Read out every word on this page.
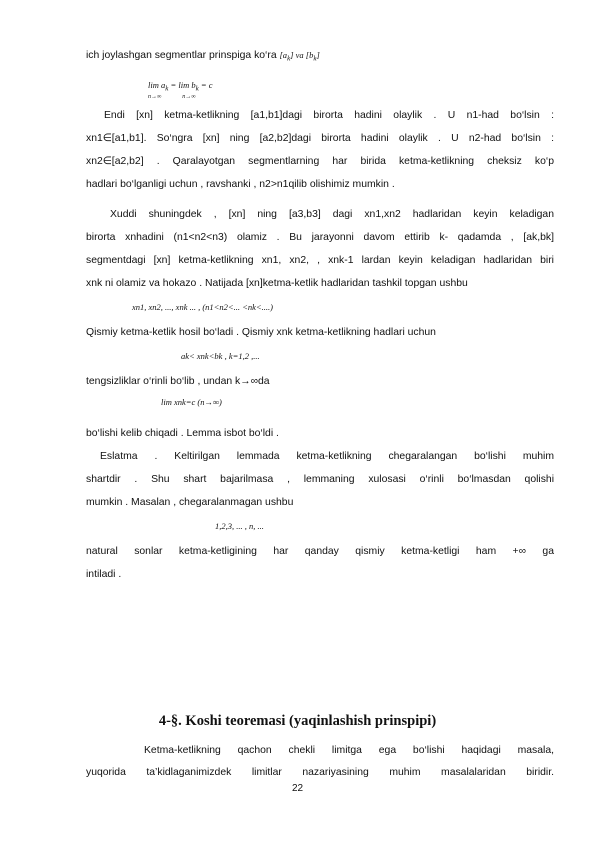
ich joylashgan segmentlar prinspiga ko‘ra $[a_k]$ va $[b_k]$
$\lim a_k = \lim b_k = c$
n→∞              n→∞
Endi [xn] ketma-ketlikning [a1,b1]dagi birorta hadini olaylik . U n1-had bo‘lsin :
xn1∈[a1,b1]. So‘ngra [xn] ning [a2,b2]dagi birorta hadini olaylik . U n2-had bo‘lsin :
xn2∈[a2,b2] . Qaralayotgan segmentlarning har birida ketma-ketlikning cheksiz ko‘p
hadlari bo‘lganligi uchun , ravshanki , n2>n1qilib olishimiz mumkin .
Xuddi shuningdek , [xn] ning [a3,b3] dagi xn1,xn2 hadlaridan keyin keladigan
birorta xnhadini (n1<n2<n3) olamiz . Bu jarayonni davom ettirib k- qadamda , [ak,bk]
segmentdagi [xn] ketma-ketlikning xn1, xn2, , xnk-1 lardan keyin keladigan hadlaridan biri
xnk ni olamiz va hokazo . Natijada [xn]ketma-ketlik hadlaridan tashkil topgan ushbu
xn1, xn2, ..., xnk ... , (n1<n2<... <nk<....)
Qismiy ketma-ketlik hosil bo‘ladi . Qismiy xnk ketma-ketlikning hadlari uchun
ak< xnk<bk , k=1,2 ,...
tengsizliklar o‘rinli bo‘lib , undan k→∞da
lim xnk=c (n→∞)
bo‘lishi kelib chiqadi . Lemma isbot bo‘ldi .
Eslatma . Keltirilgan lemmada ketma-ketlikning chegaralangan bo‘lishi muhim
shartdir . Shu shart bajarilmasa , lemmaning xulosasi o‘rinli bo‘lmasdan qolishi
mumkin . Masalan , chegaralanmagan ushbu
1,2,3, ... , n, ...
natural sonlar ketma-ketligining har qanday qismiy ketma-ketligi ham +∞ ga
intiladi .
4-§. Koshi teoremasi (yaqinlashish prinspipi)
Ketma-ketlikning qachon chekli limitga ega bo‘lishi haqidagi masala,
yuqorida ta’kidlaganimizdek limitlar nazariyasining muhim masalalaridan biridir.
22
